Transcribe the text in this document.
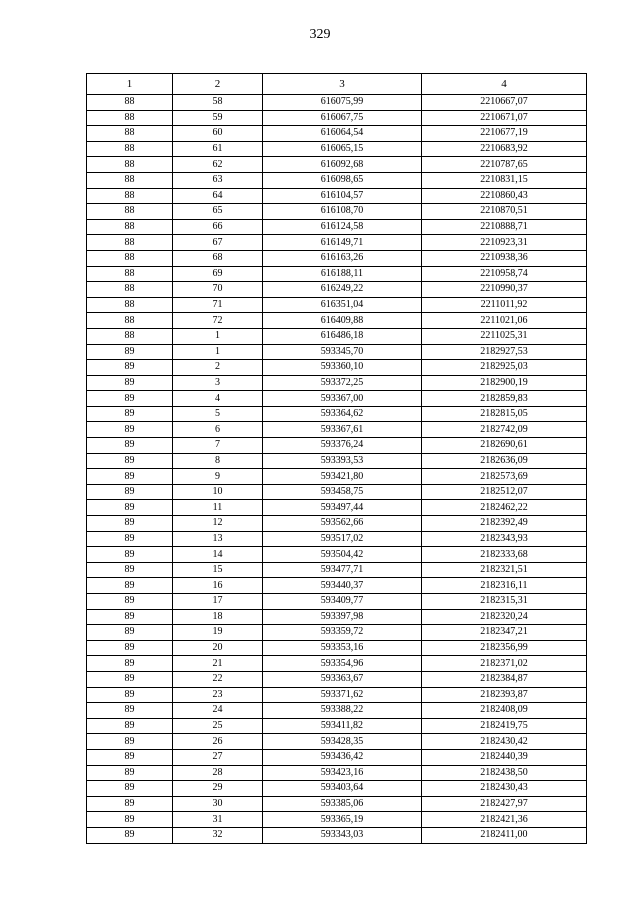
329
1	2	3	4
88	58	616075,99	2210667,07
88	59	616067,75	2210671,07
88	60	616064,54	2210677,19
88	61	616065,15	2210683,92
88	62	616092,68	2210787,65
88	63	616098,65	2210831,15
88	64	616104,57	2210860,43
88	65	616108,70	2210870,51
88	66	616124,58	2210888,71
88	67	616149,71	2210923,31
88	68	616163,26	2210938,36
88	69	616188,11	2210958,74
88	70	616249,22	2210990,37
88	71	616351,04	2211011,92
88	72	616409,88	2211021,06
88	1	616486,18	2211025,31
89	1	593345,70	2182927,53
89	2	593360,10	2182925,03
89	3	593372,25	2182900,19
89	4	593367,00	2182859,83
89	5	593364,62	2182815,05
89	6	593367,61	2182742,09
89	7	593376,24	2182690,61
89	8	593393,53	2182636,09
89	9	593421,80	2182573,69
89	10	593458,75	2182512,07
89	11	593497,44	2182462,22
89	12	593562,66	2182392,49
89	13	593517,02	2182343,93
89	14	593504,42	2182333,68
89	15	593477,71	2182321,51
89	16	593440,37	2182316,11
89	17	593409,77	2182315,31
89	18	593397,98	2182320,24
89	19	593359,72	2182347,21
89	20	593353,16	2182356,99
89	21	593354,96	2182371,02
89	22	593363,67	2182384,87
89	23	593371,62	2182393,87
89	24	593388,22	2182408,09
89	25	593411,82	2182419,75
89	26	593428,35	2182430,42
89	27	593436,42	2182440,39
89	28	593423,16	2182438,50
89	29	593403,64	2182430,43
89	30	593385,06	2182427,97
89	31	593365,19	2182421,36
89	32	593343,03	2182411,00
